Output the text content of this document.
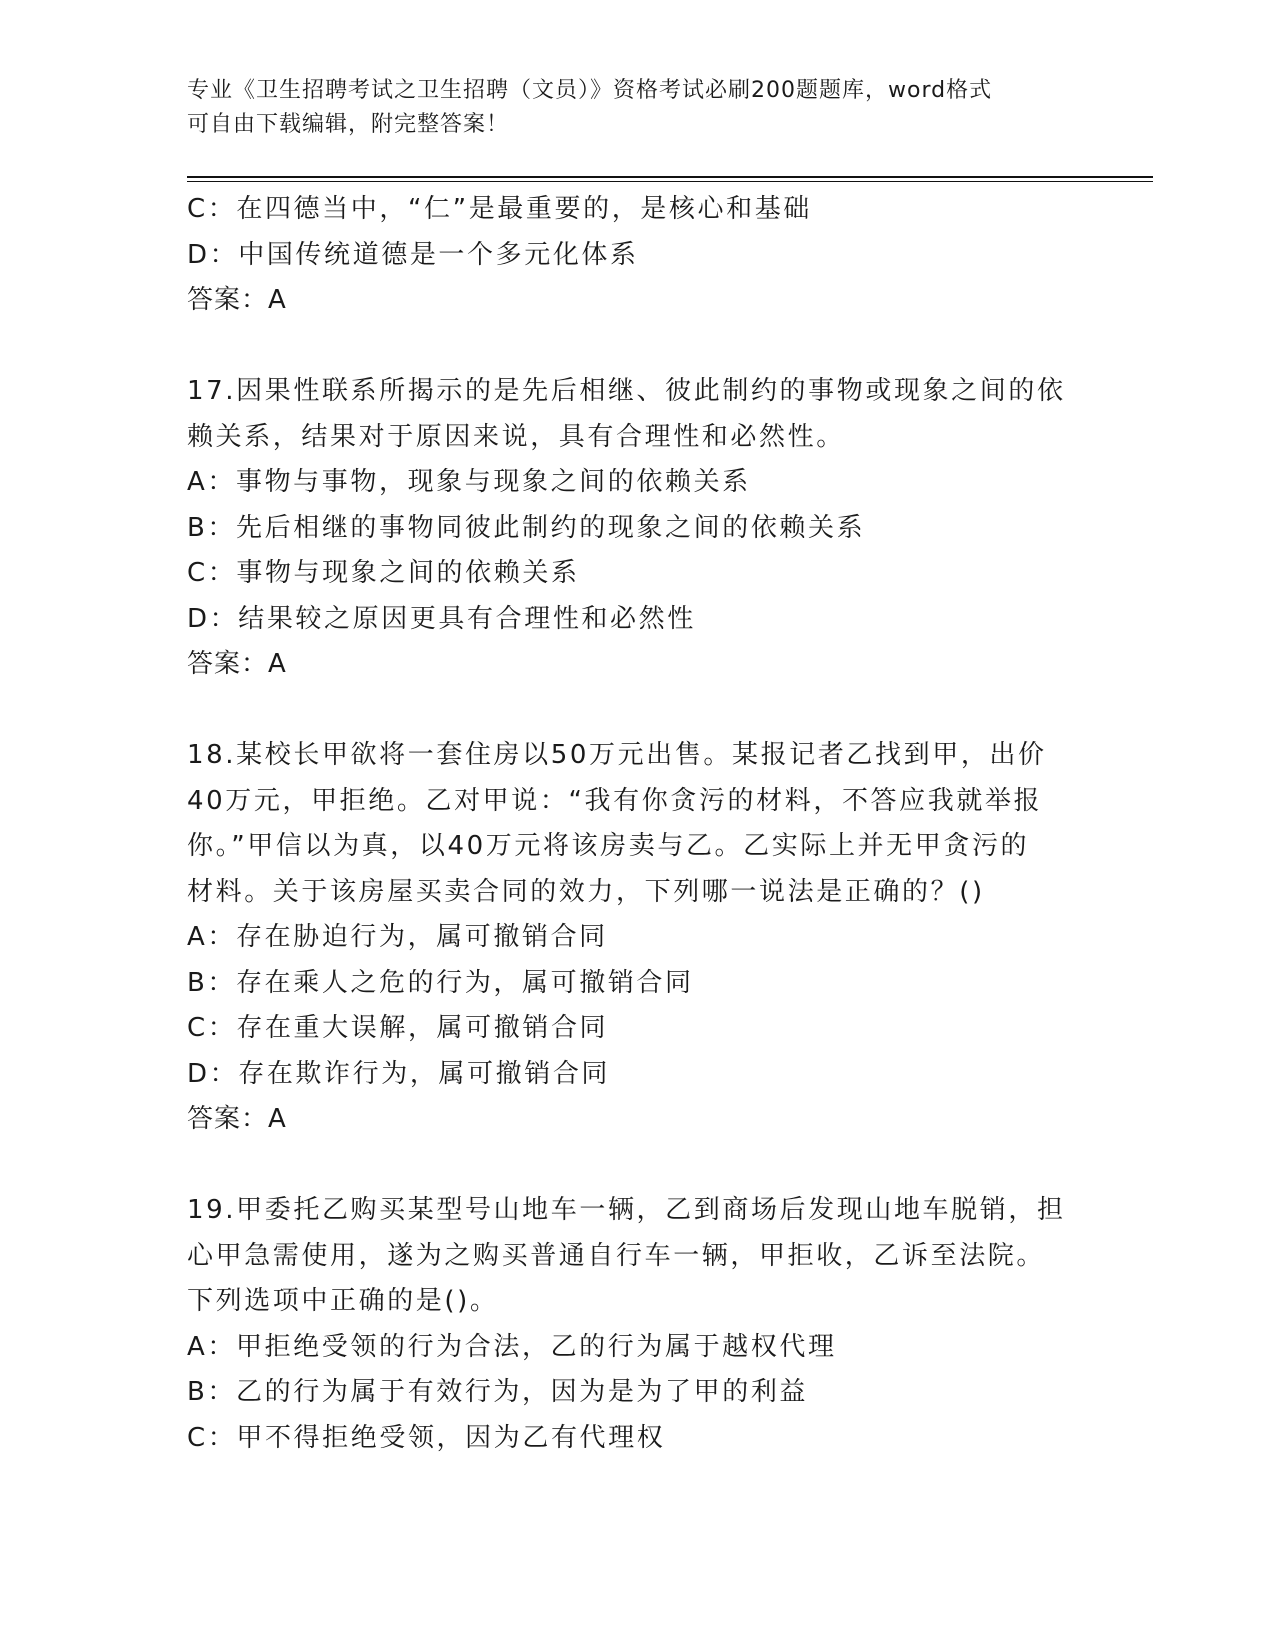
专业《卫生招聘考试之卫生招聘（文员）》资格考试必刷200题题库，word格式
可自由下载编辑，附完整答案！
C：在四德当中，“仁”是最重要的，是核心和基础
D：中国传统道德是一个多元化体系
答案：A
17.因果性联系所揭示的是先后相继、彼此制约的事物或现象之间的依
赖关系，结果对于原因来说，具有合理性和必然性。
A：事物与事物，现象与现象之间的依赖关系
B：先后相继的事物同彼此制约的现象之间的依赖关系
C：事物与现象之间的依赖关系
D：结果较之原因更具有合理性和必然性
答案：A
18.某校长甲欲将一套住房以50万元出售。某报记者乙找到甲，出价
40万元，甲拒绝。乙对甲说：“我有你贪污的材料，不答应我就举报
你。”甲信以为真，以40万元将该房卖与乙。乙实际上并无甲贪污的
材料。关于该房屋买卖合同的效力，下列哪一说法是正确的？()
A：存在胁迫行为，属可撤销合同
B：存在乘人之危的行为，属可撤销合同
C：存在重大误解，属可撤销合同
D：存在欺诈行为，属可撤销合同
答案：A
19.甲委托乙购买某型号山地车一辆，乙到商场后发现山地车脱销，担
心甲急需使用，遂为之购买普通自行车一辆，甲拒收，乙诉至法院。
下列选项中正确的是()。
A：甲拒绝受领的行为合法，乙的行为属于越权代理
B：乙的行为属于有效行为，因为是为了甲的利益
C：甲不得拒绝受领，因为乙有代理权
